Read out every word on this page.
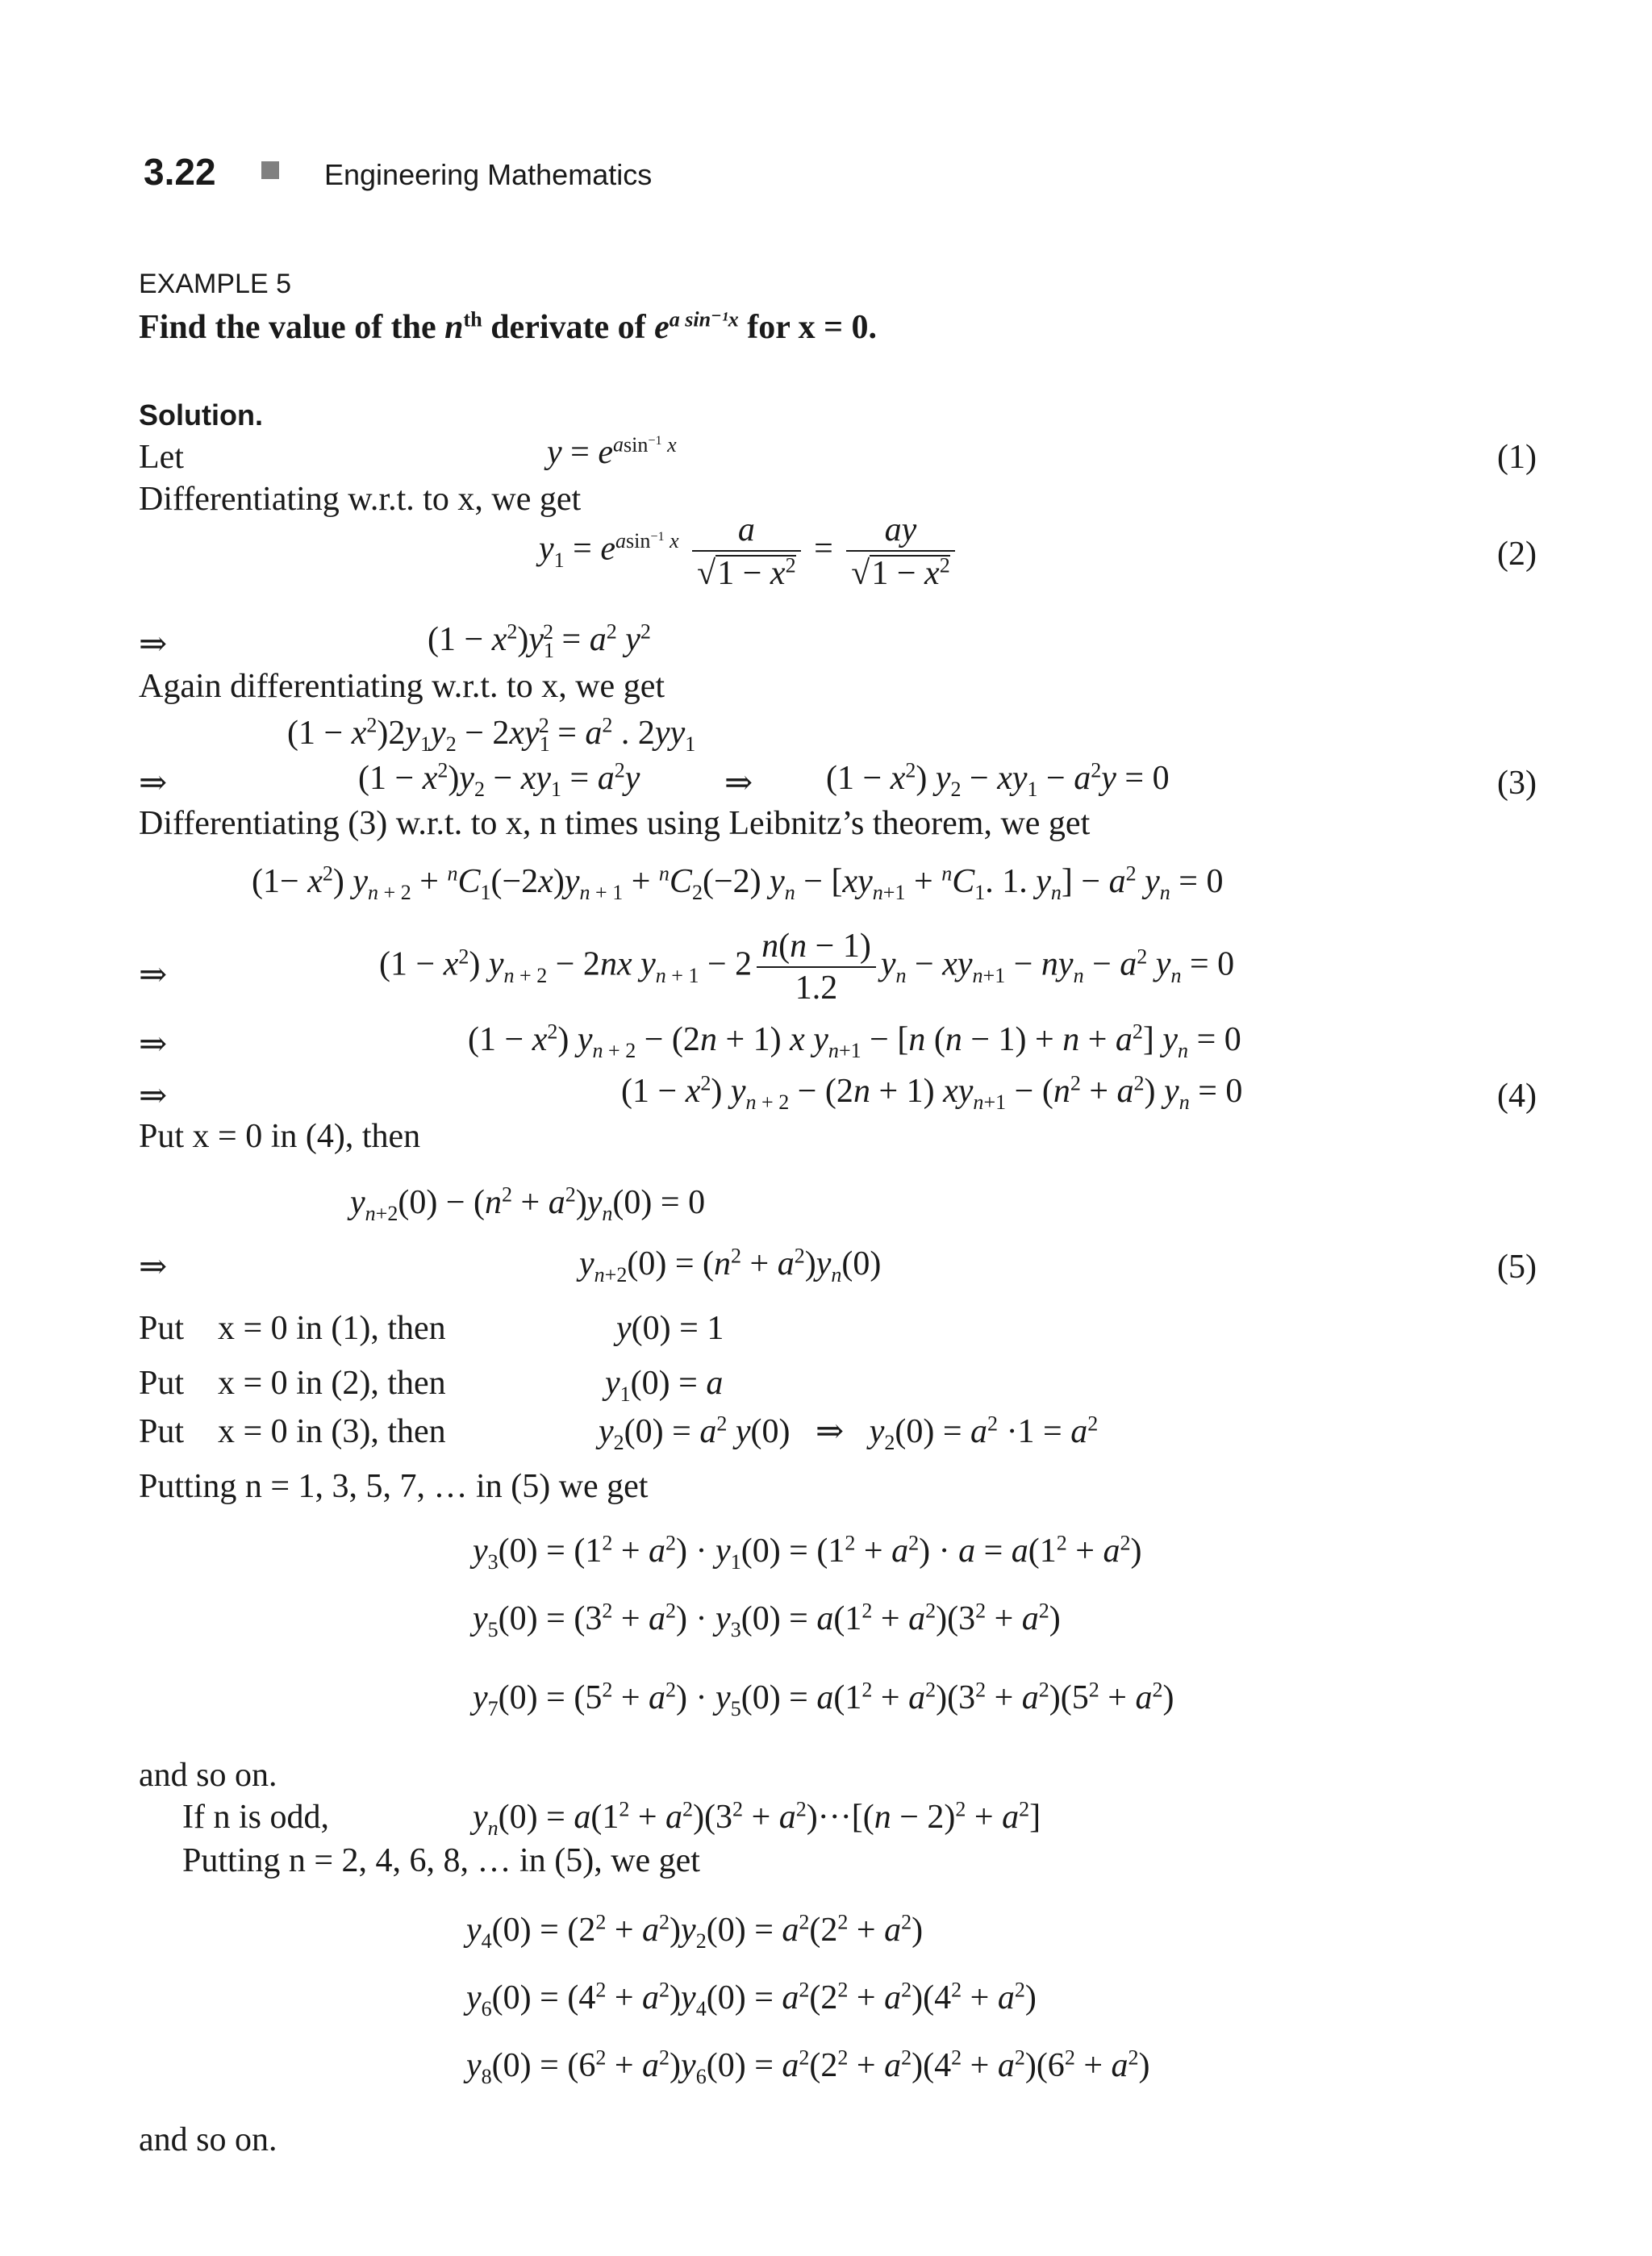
3.22	Engineering Mathematics
EXAMPLE 5
Find the value of the $n^{th}$ derivate of $e^{a sin^{-1}x}$ for x = 0.
Solution.
Let	$y = e^{asin^{-1} x}$	(1)
Differentiating w.r.t. to x, we get
$y_1 = e^{asin^{-1} x} \frac{a}{√1 - x^2} = \frac{ay}{√1 - x^2}$	(2)
⇒	$(1 - x^2)y_1^2 = a^2$ $y^2$
Again differentiating w.r.t. to x, we get
$(1 - x^2)2y_1y_2 - 2xy_1^2 = a^2$ . $2yy_1$
⇒	$(1 - x^2)y_2 - xy_1 = a^2y$ ⇒ $(1 - x^2)$ $y_2 - xy_1 - a^2y = 0$	(3)
Differentiating (3) w.r.t. to x, n times using Leibnitz’s theorem, we get
$(1- x^2)$ $y_{n + 2} + ^nC_1(-2x)y_{n + 1} + ^nC_2(-2) y_n - [xy_{n+1} + ^nC_1$. 1. $y_n] - a^2$ $y_n = 0$
⇒	$(1 - x^2)$ $y_{n + 2} - 2nx$ $y_{n + 1} - 2 \frac{n(n - 1)}{1.2} y_n - xy_{n+1} - ny_n - a^2$ $y_n = 0$
⇒	$(1 - x^2)$ $y_{n + 2} - (2n + 1)$ x $y_{n+1} - [n$ $(n - 1) + n + a^2$] $y_n = 0$
⇒	$(1 - x^2)$ $y_{n + 2} - (2n + 1) xy_{n+1} - (n^2 + a^2) y_n = 0$	(4)
Put x = 0 in (4), then
$y_{n+2}(0) - (n^2 + a^2)y_n(0) = 0$
⇒	$y_{n+2}(0) = (n^2 + a^2)y_n(0)$	(5)
Put x = 0 in (1), then	y(0) = 1
Put x = 0 in (2), then	$y_1(0) = a$
Put x = 0 in (3), then	$y_2(0) = a^2$ y(0)   ⇒ $y_2(0) = a^2 \cdot 1 = a^2$
Putting n = 1, 3, 5, 7, … in (5) we get
$y_3(0) = (1^2 + a^2) \cdot y_1(0) = (1^2 + a^2) \cdot a = a(1^2 + a^2)$
$y_5(0) = (3^2 + a^2) \cdot y_3(0) = a(1^2 + a^2)(3^2 + a^2)$
$y_7(0) = (5^2 + a^2) \cdot y_5(0) = a(1^2 + a^2)(3^2 + a^2)(5^2 + a^2)$
and so on.
If n is odd,	$y_n(0) = a(1^2 + a^2)(3^2 + a^2)\cdot\cdot\cdot[(n - 2)^2 + a^2]$
Putting n = 2, 4, 6, 8, … in (5), we get
$y_4(0) = (2^2 + a^2)y_2(0) = a^2(2^2 + a^2)$
$y_6(0) = (4^2 + a^2)y_4(0) = a^2(2^2 + a^2)(4^2 + a^2)$
$y_8(0) = (6^2 + a^2)y_6(0) = a^2(2^2 + a^2)(4^2 + a^2)(6^2 + a^2)$
and so on.
